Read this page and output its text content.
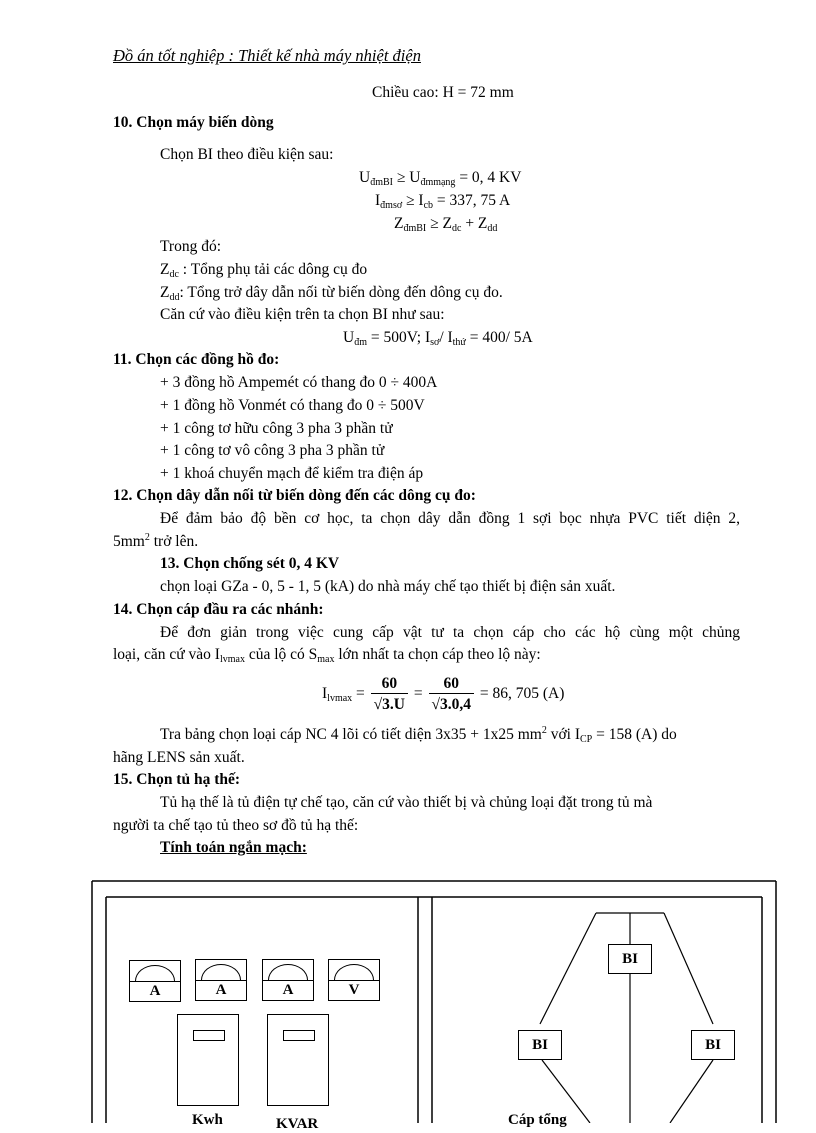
Đồ án tốt nghiệp : Thiết kế nhà máy nhiệt điện
Chiều cao: H = 72 mm
10. Chọn máy biến dòng
Chọn BI theo điều kiện sau:
$U_{đmBI} \ge U_{đmmạng} = 0$, 4 KV
$I_{đmsơ} \ge I_{cb} = 337$, 75 A
$Z_{đmBI} \ge Z_{dc} + Z_{dd}$
Trong đó:
$Z_{dc}$ : Tổng phụ tải các dông cụ đo
$Z_{dd}$: Tổng trở dây dẫn nối từ biến dòng đến dông cụ đo.
Căn cứ vào điều kiện trên ta chọn BI như sau:
$U_{đm} = 500V$; $I_{sơ}/$ $I_{thứ} = 400/$ 5A
11. Chọn các đồng hồ đo:
+ 3 đồng hồ Ampemét có thang đo 0 ÷ 400A
+ 1 đồng hồ Vonmét có thang đo 0 ÷ 500V
+ 1 công tơ hữu công 3 pha 3 phần tử
+ 1 công tơ vô công 3 pha 3 phần tử
+ 1 khoá chuyển mạch để kiểm tra điện áp
12. Chọn dây dẫn nối từ biến dòng đến các dông cụ đo:
Để đảm bảo độ bền cơ học, ta chọn dây dẫn đồng 1 sợi bọc nhựa PVC tiết diện 2,
$5mm^2$ trở lên.
13. Chọn chống sét 0, 4 KV
chọn loại GZa - 0, 5 - 1, 5 (kA) do nhà máy chế tạo thiết bị điện sản xuất.
14. Chọn cáp đầu ra các nhánh:
Để đơn giản trong việc cung cấp vật tư ta chọn cáp cho các hộ cùng một chủng
loại, căn cứ vào $I_{lvmax}$ của lộ có $S_{max}$ lớn nhất ta chọn cáp theo lộ này:
$I_{lvmax} = \frac{60}{√3.U} = \frac{60}{√3.0,4} = 86$, 705 (A)
Tra bảng chọn loại cáp NC 4 lõi có tiết diện 3x35 + 1x25 $mm^2$ với $I_{CP} = 158$ (A) do
hãng LENS sản xuất.
15. Chọn tủ hạ thế:
Tủ hạ thế là tủ điện tự chế tạo, căn cứ vào thiết bị và chủng loại đặt trong tủ mà
người ta chế tạo tủ theo sơ đồ tủ hạ thế:
Tính toán ngắn mạch:
A	A	A	V
Kwh	KVAR	Cáp tổng
BI
BI	BI
